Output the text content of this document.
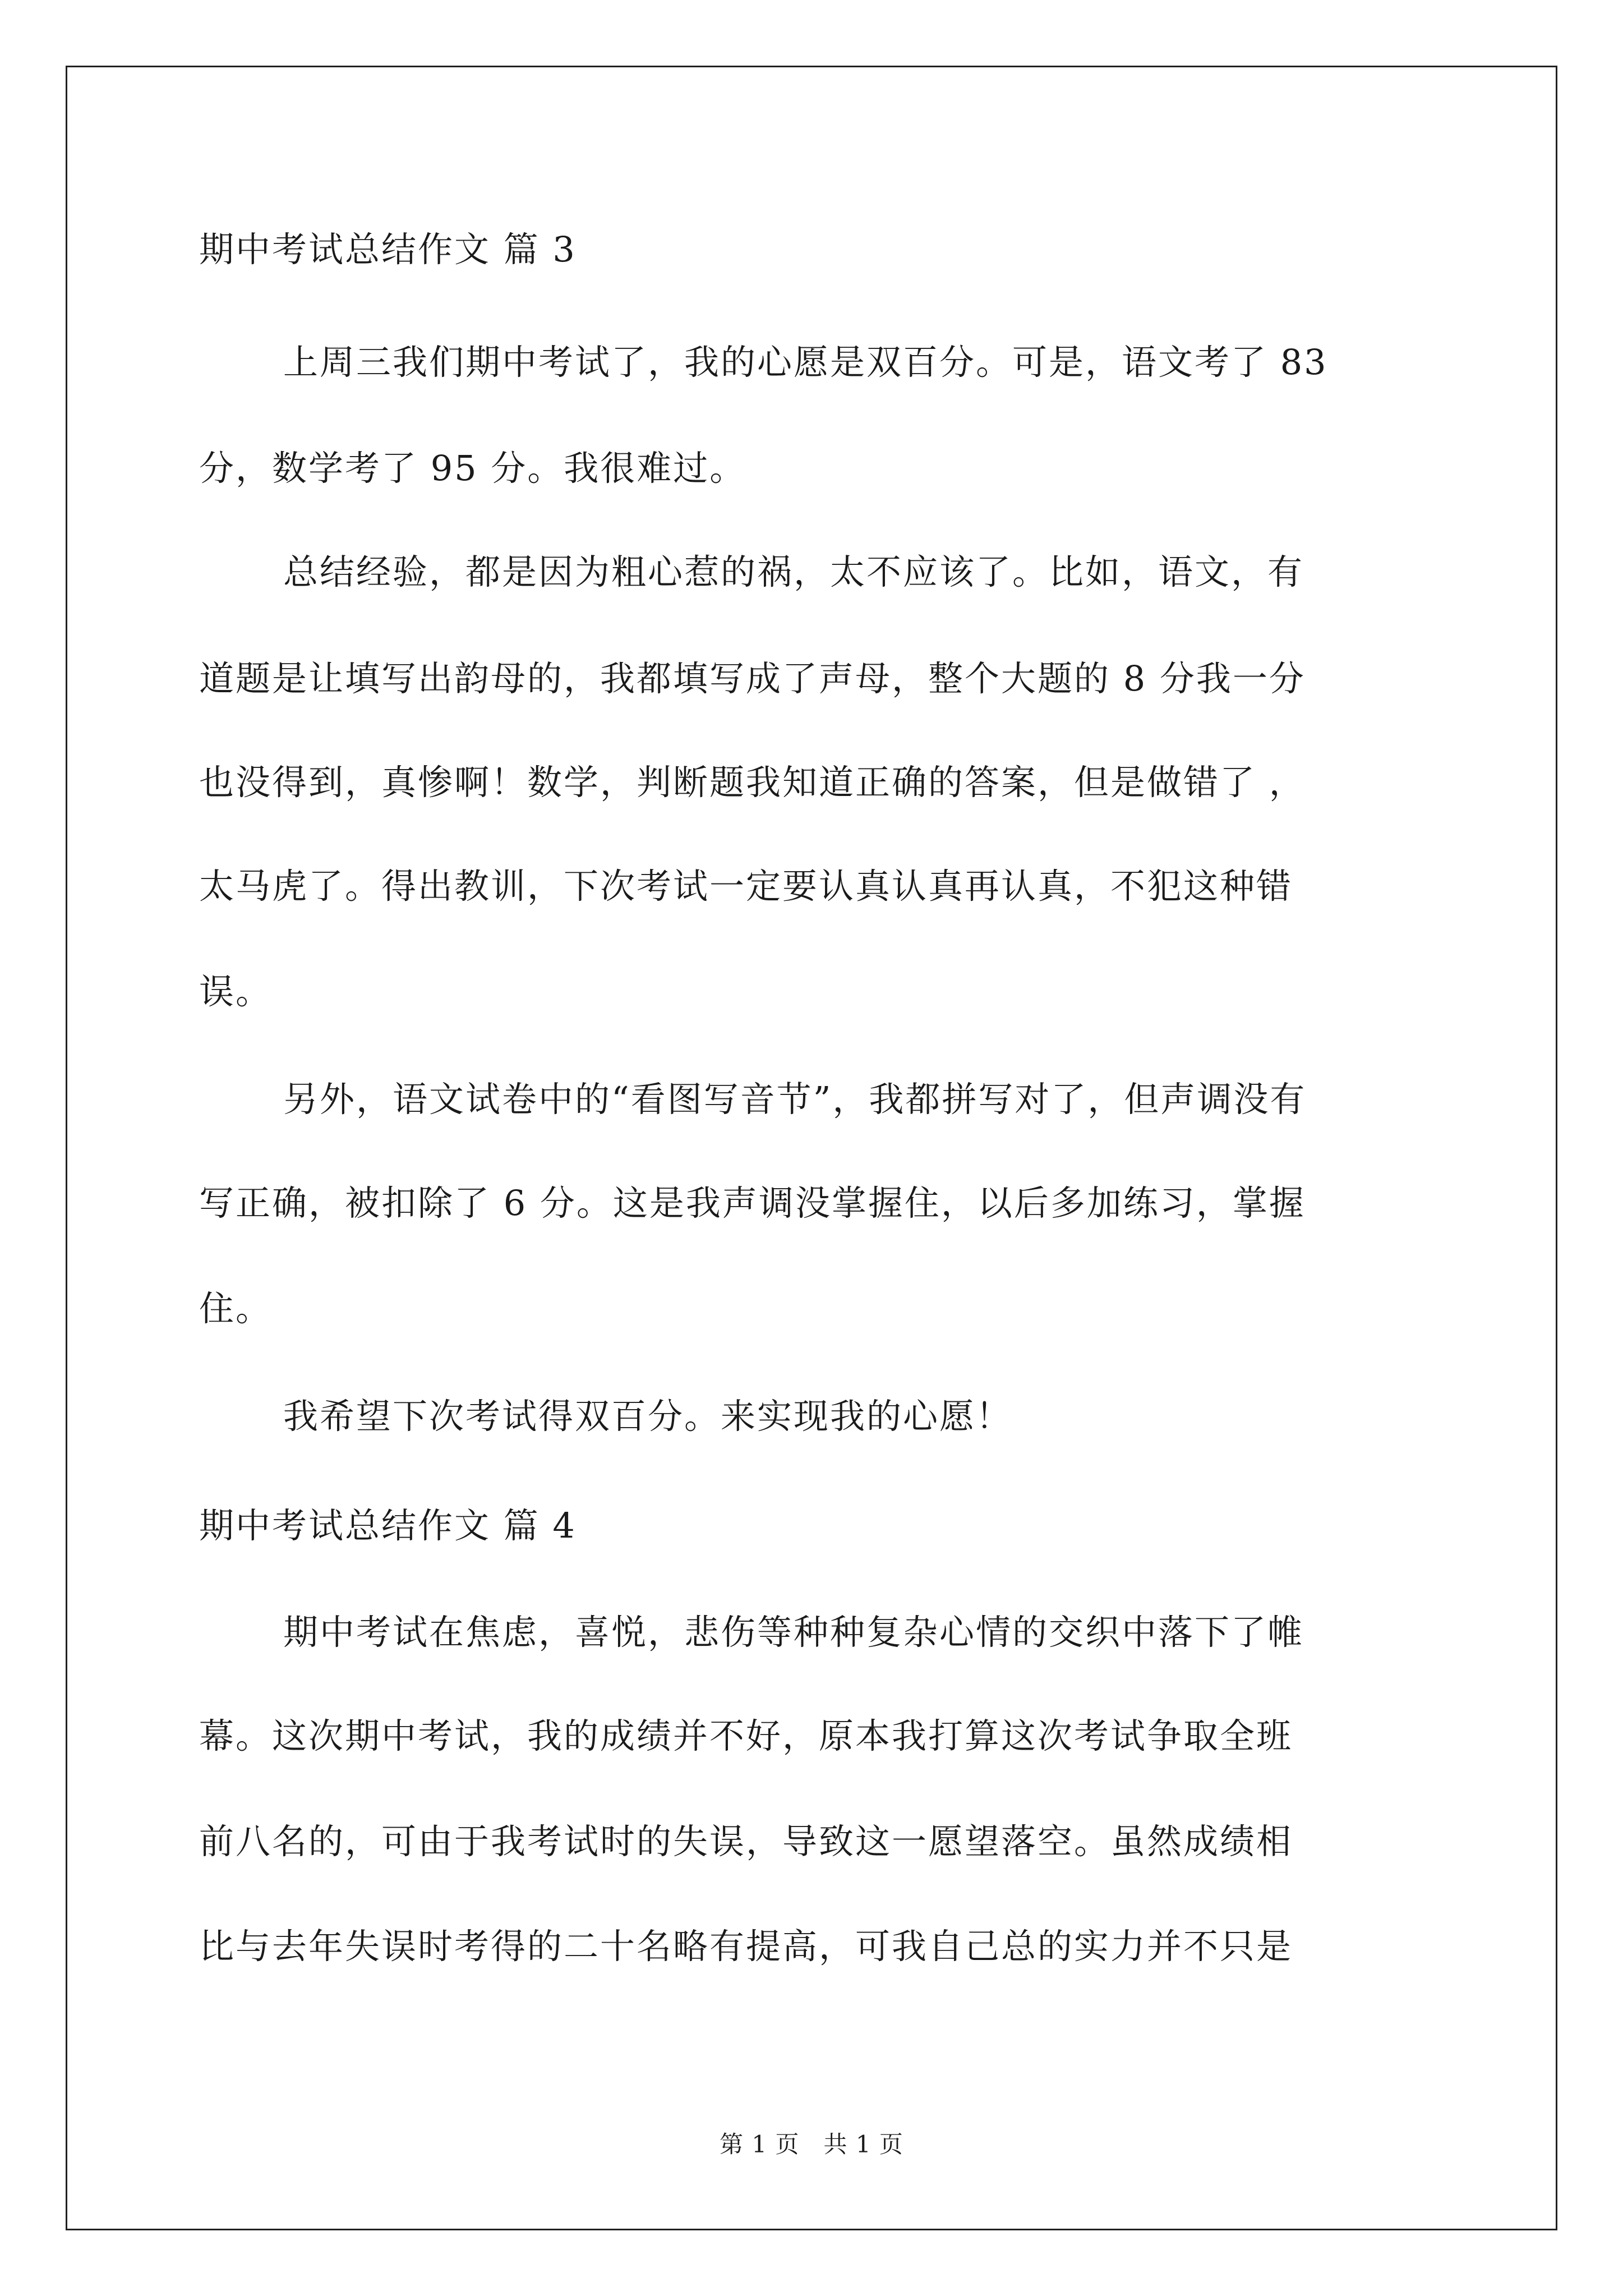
期中考试总结作文 篇 3
上周三我们期中考试了，我的心愿是双百分。可是，语文考了 83
分，数学考了 95 分。我很难过。
总结经验，都是因为粗心惹的祸，太不应该了。比如，语文，有
道题是让填写出韵母的，我都填写成了声母，整个大题的 8 分我一分
也没得到，真惨啊！数学，判断题我知道正确的答案，但是做错了 ，
太马虎了。得出教训，下次考试一定要认真认真再认真，不犯这种错
误。
另外，语文试卷中的“看图写音节”，我都拼写对了，但声调没有
写正确，被扣除了 6 分。这是我声调没掌握住，以后多加练习，掌握
住。
我希望下次考试得双百分。来实现我的心愿！
期中考试总结作文 篇 4
期中考试在焦虑，喜悦，悲伤等种种复杂心情的交织中落下了帷
幕。这次期中考试，我的成绩并不好，原本我打算这次考试争取全班
前八名的，可由于我考试时的失误，导致这一愿望落空。虽然成绩相
比与去年失误时考得的二十名略有提高，可我自己总的实力并不只是
第 1 页　共 1 页
